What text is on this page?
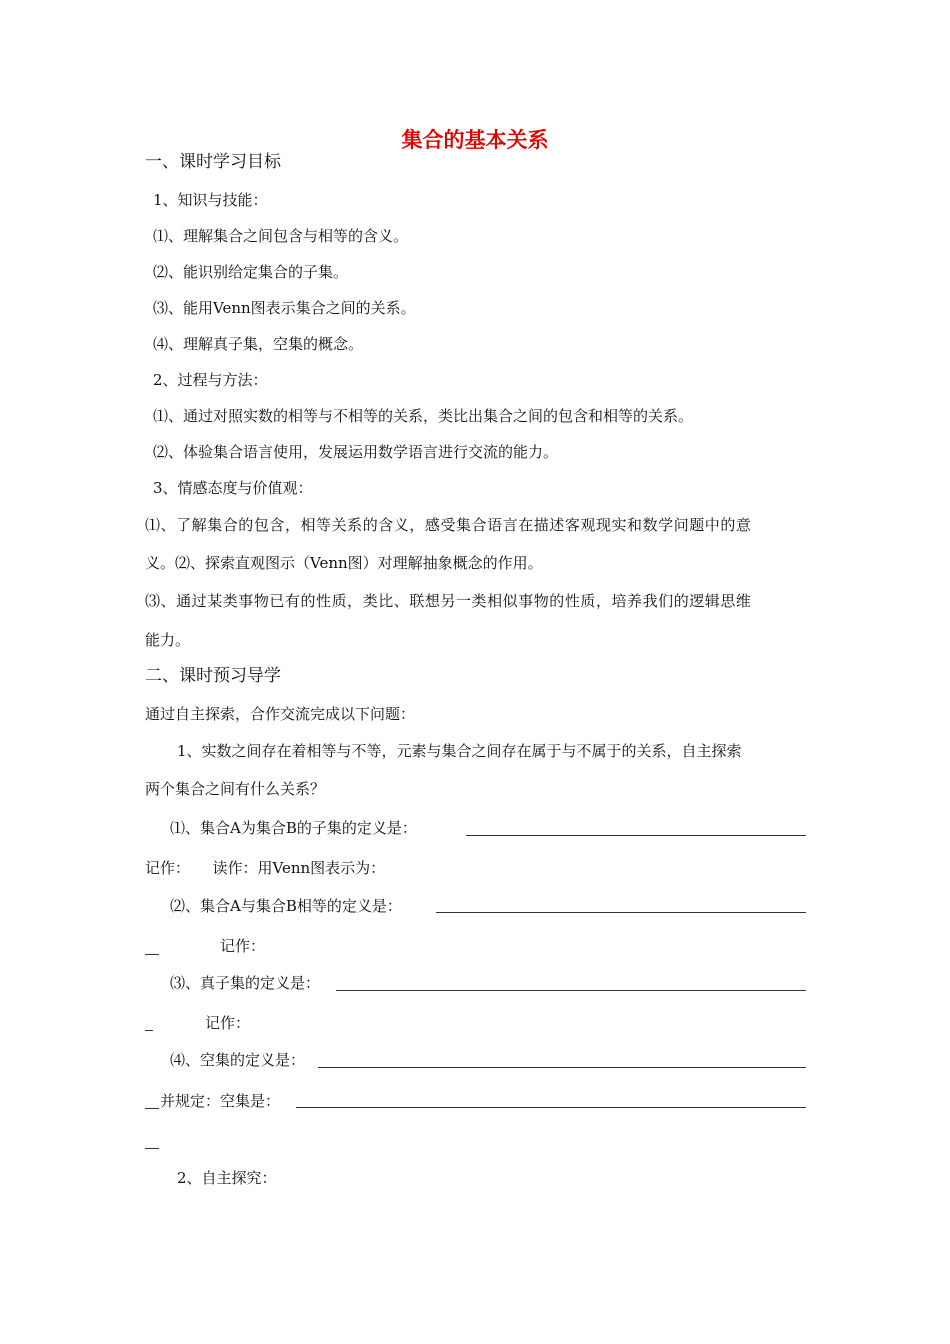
集合的基本关系
一、课时学习目标
1、知识与技能：
⑴、理解集合之间包含与相等的含义。
⑵、能识别给定集合的子集。
⑶、能用Venn图表示集合之间的关系。
⑷、理解真子集，空集的概念。
2、过程与方法：
⑴、通过对照实数的相等与不相等的关系，类比出集合之间的包含和相等的关系。
⑵、体验集合语言使用，发展运用数学语言进行交流的能力。
3、情感态度与价值观：
⑴、了解集合的包含，相等关系的含义，感受集合语言在描述客观现实和数学问题中的意
义。⑵、探索直观图示（Venn图）对理解抽象概念的作用。
⑶、通过某类事物已有的性质，类比、联想另一类相似事物的性质，培养我们的逻辑思维
能力。
二、课时预习导学
通过自主探索，合作交流完成以下问题：
1、实数之间存在着相等与不等，元素与集合之间存在属于与不属于的关系，自主探索
两个集合之间有什么关系？
⑴、集合A为集合B的子集的定义是：
记作：　　读作：用Venn图表示为：
⑵、集合A与集合B相等的定义是：
记作：
⑶、真子集的定义是：
记作：
⑷、空集的定义是：
并规定：空集是：
2、自主探究：
